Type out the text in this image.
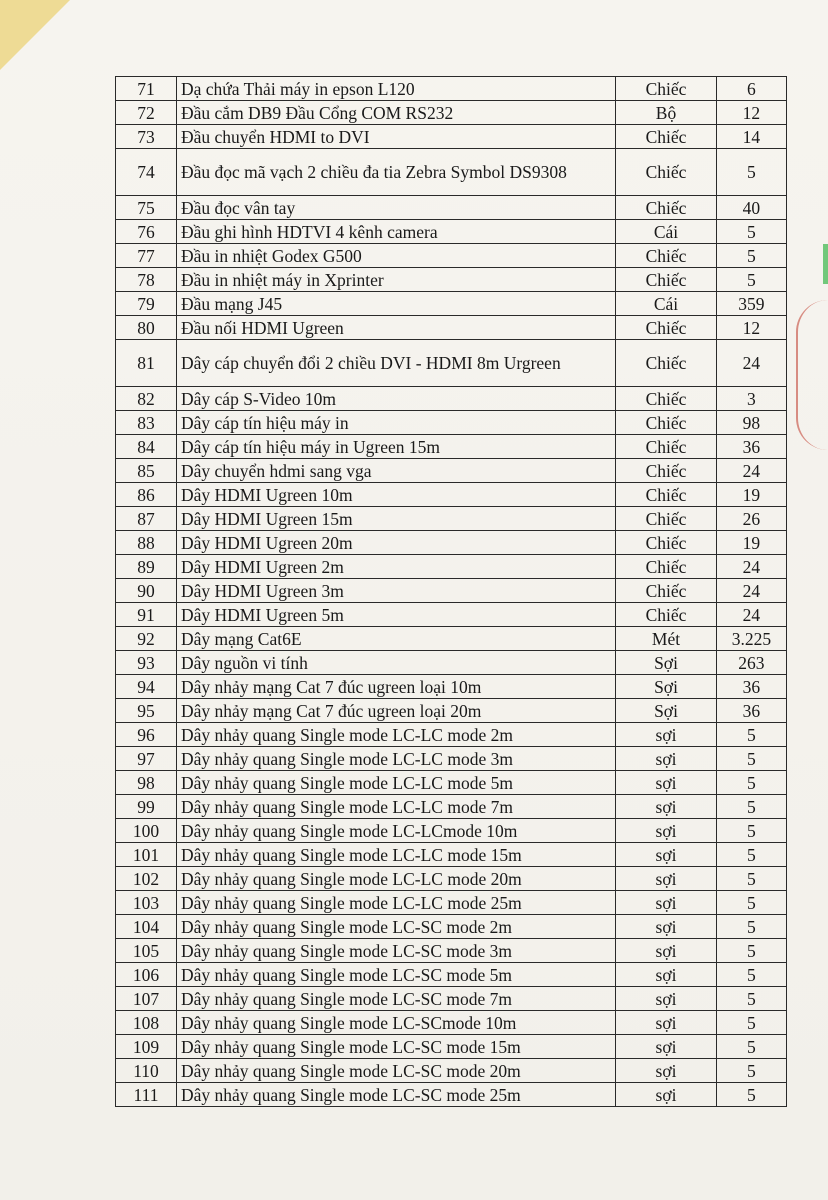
71	Dạ chứa Thải máy in epson L120	Chiếc	6
72	Đầu cắm DB9 Đầu Cổng COM RS232	Bộ	12
73	Đầu chuyển HDMI to DVI	Chiếc	14
74	Đầu đọc mã vạch 2 chiều đa tia Zebra Symbol DS9308	Chiếc	5
75	Đầu đọc vân tay	Chiếc	40
76	Đầu ghi hình HDTVI 4 kênh camera	Cái	5
77	Đầu in nhiệt Godex G500	Chiếc	5
78	Đầu in nhiệt máy in Xprinter	Chiếc	5
79	Đầu mạng J45	Cái	359
80	Đầu nối HDMI Ugreen	Chiếc	12
81	Dây cáp chuyển đổi 2 chiều DVI - HDMI 8m Urgreen	Chiếc	24
82	Dây cáp S-Video 10m	Chiếc	3
83	Dây cáp tín hiệu máy in	Chiếc	98
84	Dây cáp tín hiệu máy in Ugreen 15m	Chiếc	36
85	Dây chuyển hdmi sang vga	Chiếc	24
86	Dây HDMI Ugreen 10m	Chiếc	19
87	Dây HDMI Ugreen 15m	Chiếc	26
88	Dây HDMI Ugreen 20m	Chiếc	19
89	Dây HDMI Ugreen 2m	Chiếc	24
90	Dây HDMI Ugreen 3m	Chiếc	24
91	Dây HDMI Ugreen 5m	Chiếc	24
92	Dây mạng Cat6E	Mét	3.225
93	Dây nguồn vi tính	Sợi	263
94	Dây nhảy mạng Cat 7 đúc ugreen loại 10m	Sợi	36
95	Dây nhảy mạng Cat 7 đúc ugreen loại 20m	Sợi	36
96	Dây nhảy quang Single mode LC-LC mode 2m	sợi	5
97	Dây nhảy quang Single mode LC-LC mode 3m	sợi	5
98	Dây nhảy quang Single mode LC-LC mode 5m	sợi	5
99	Dây nhảy quang Single mode LC-LC mode 7m	sợi	5
100	Dây nhảy quang Single mode LC-LCmode 10m	sợi	5
101	Dây nhảy quang Single mode LC-LC mode 15m	sợi	5
102	Dây nhảy quang Single mode LC-LC mode 20m	sợi	5
103	Dây nhảy quang Single mode LC-LC mode 25m	sợi	5
104	Dây nhảy quang Single mode LC-SC mode 2m	sợi	5
105	Dây nhảy quang Single mode LC-SC mode 3m	sợi	5
106	Dây nhảy quang Single mode LC-SC mode 5m	sợi	5
107	Dây nhảy quang Single mode LC-SC mode 7m	sợi	5
108	Dây nhảy quang Single mode LC-SCmode 10m	sợi	5
109	Dây nhảy quang Single mode LC-SC mode 15m	sợi	5
110	Dây nhảy quang Single mode LC-SC mode 20m	sợi	5
111	Dây nhảy quang Single mode LC-SC mode 25m	sợi	5
